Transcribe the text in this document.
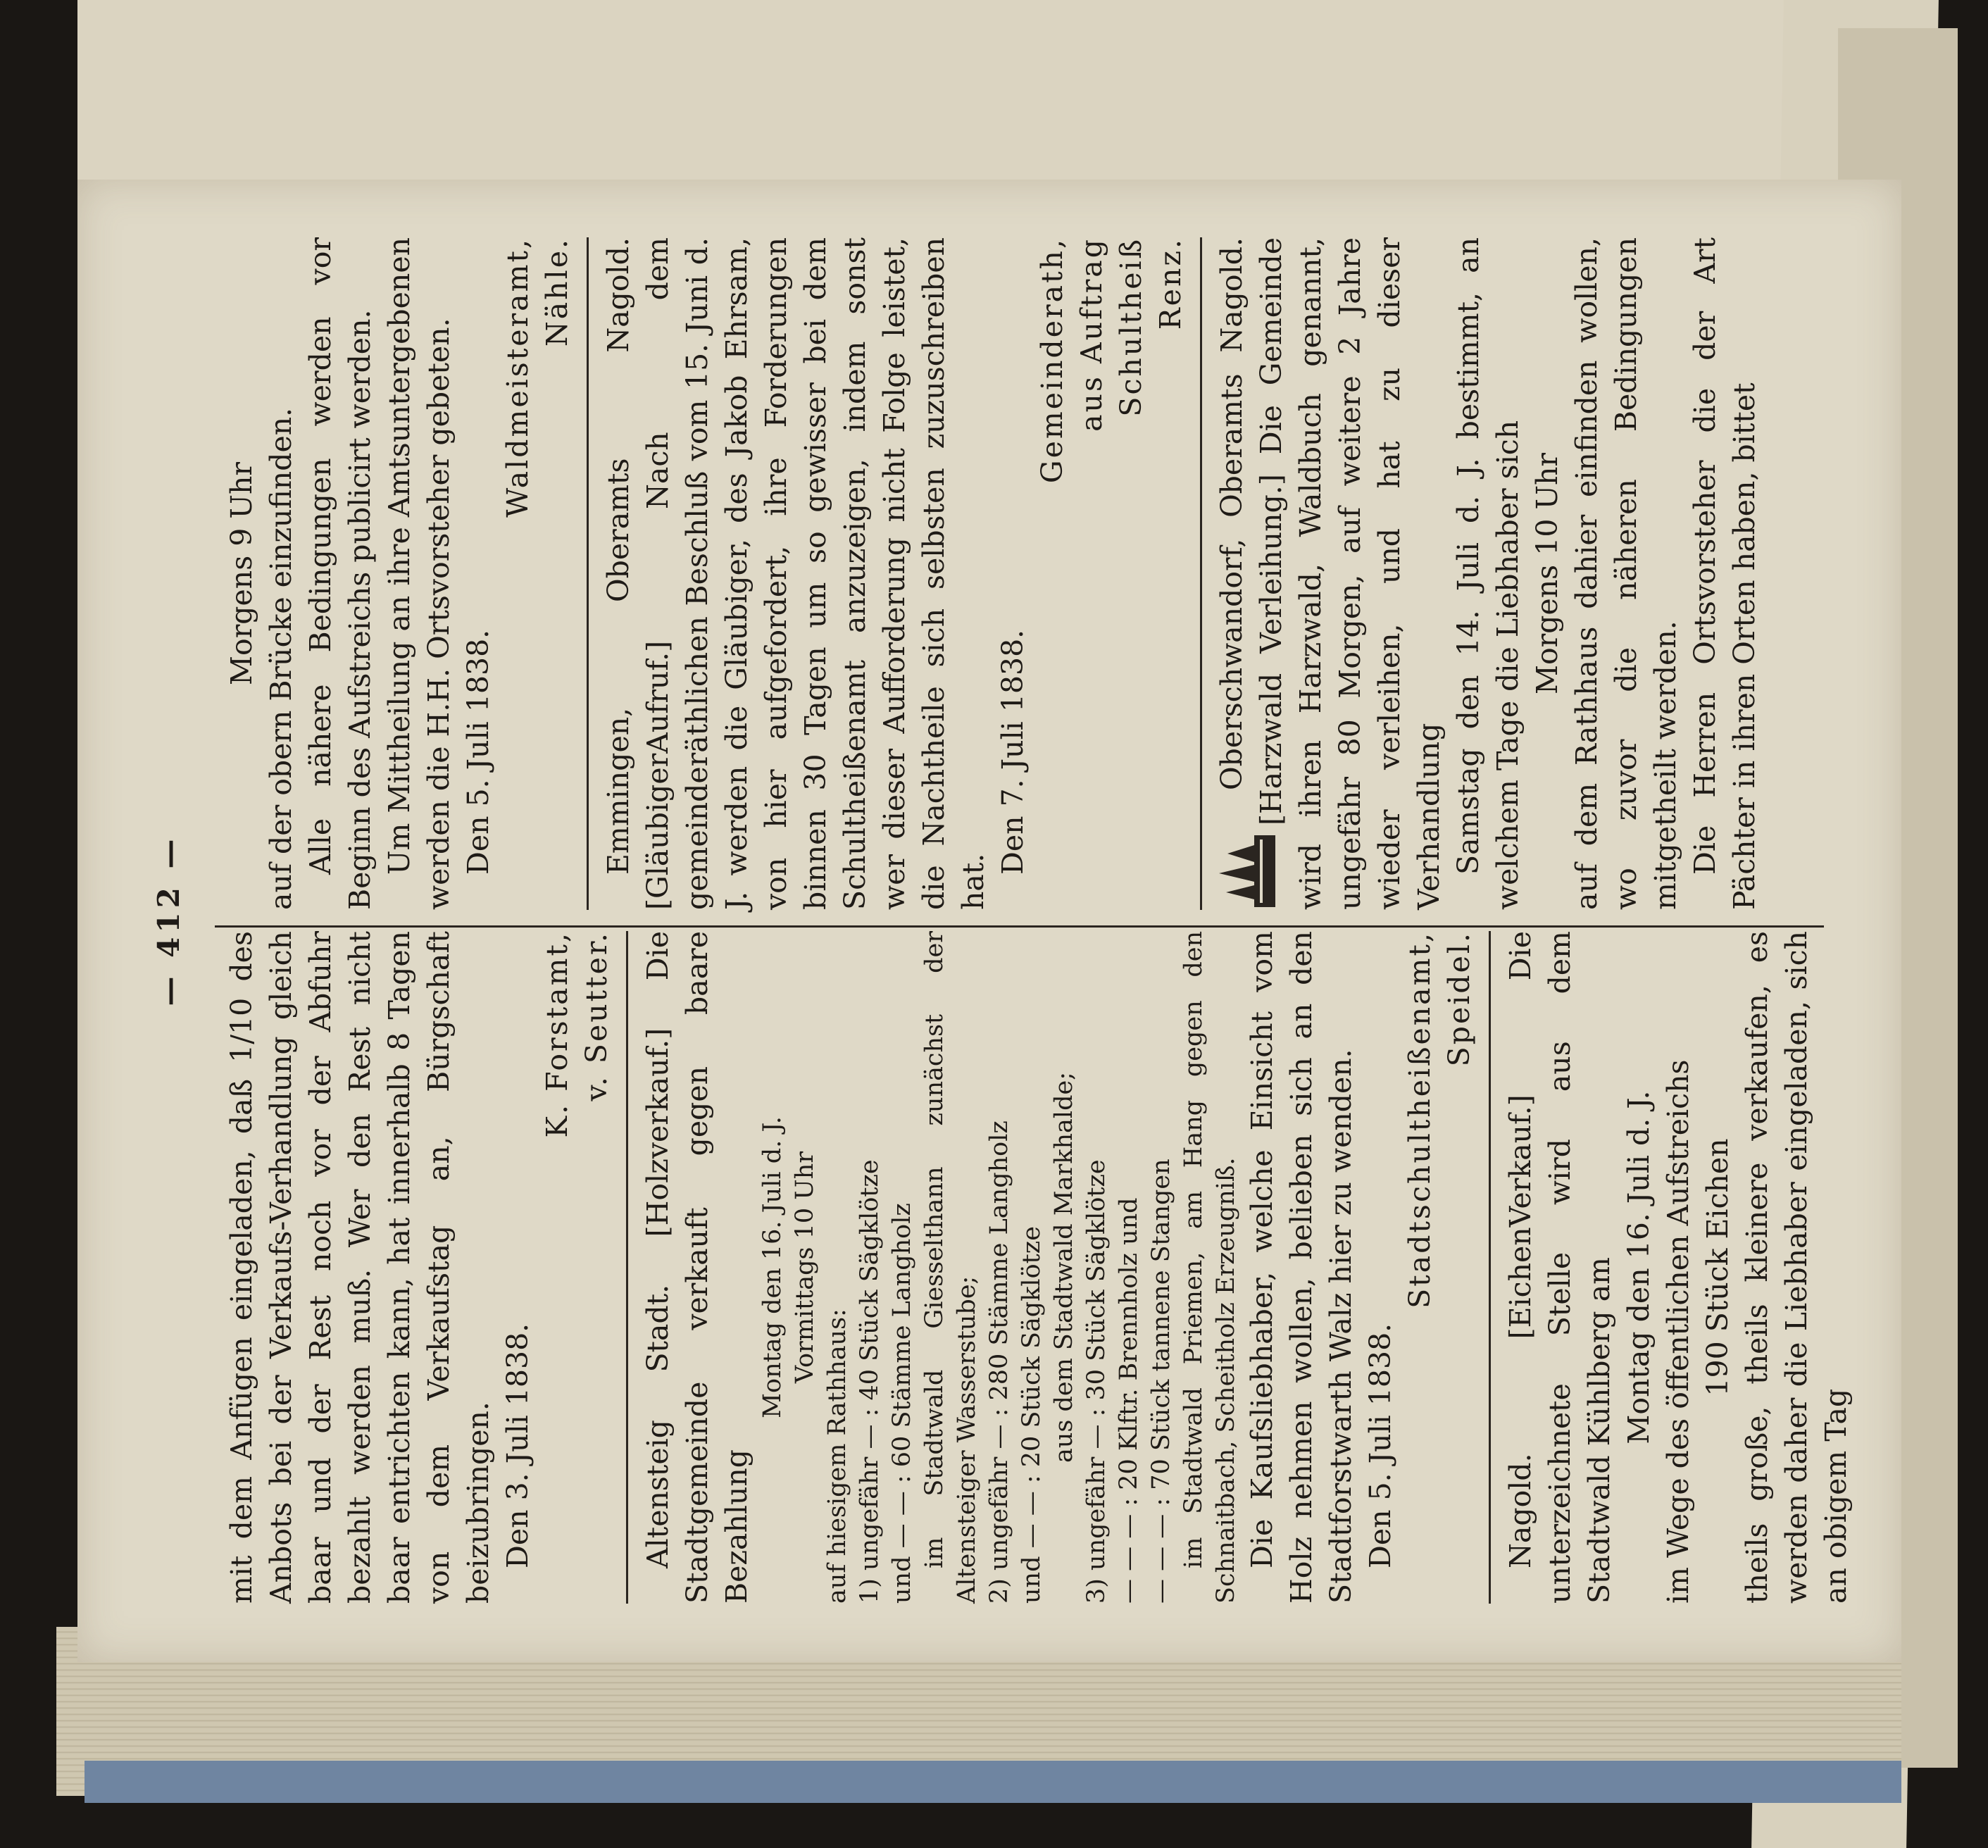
— 412 —

mit dem Anfügen eingeladen, daß 1/10 des Anbots bei der Verkaufs-Verhandlung gleich baar und der Rest noch vor der Abfuhr bezahlt werden muß. Wer den Rest nicht baar entrichten kann, hat innerhalb 8 Tagen von dem Verkaufstag an, Bürgschaft beizubringen. Den 3. Juli 1838.

K. Forstamt, v. Seutter. Altensteig Stadt. [Holzverkauf.] Die Stadtgemeinde verkauft gegen baare Bezahlung

Montag den 16. Juli d. J. Vormittags 10 Uhr

auf hiesigem Rathhaus: 1) ungefähr — : 40 Stück Sägklötze und — — : 60 Stämme Langholz im Stadtwald Giesselthann zunächst der Altensteiger Wasserstube; 2) ungefähr — : 280 Stämme Langholz und — — : 20 Stück Sägklötze aus dem Stadtwald Markhalde; 3) ungefähr — : 30 Stück Sägklötze — — — : 20 Klftr. Brennholz und — — — : 70 Stück tannene Stangen im Stadtwald Priemen, am Hang gegen den Schnaitbach, Scheitholz Erzeugniß. Die Kaufsliebhaber, welche Einsicht vom Holz nehmen wollen, belieben sich an den Stadtforstwarth Walz hier zu wenden. Den 5. Juli 1838.

Stadtschultheißenamt, Speidel. Nagold. [EichenVerkauf.] Die unterzeichnete Stelle wird aus dem Stadtwald Kühlberg am Montag den 16. Juli d. J. im Wege des öffentlichen Aufstreichs 190 Stück Eichen theils große, theils kleinere verkaufen, es werden daher die Liebhaber eingeladen, sich an obigem Tag

Morgens 9 Uhr auf der obern Brücke einzufinden. Alle nähere Bedingungen werden vor Beginn des Aufstreichs publicirt werden. Um Mittheilung an ihre Amtsuntergebenen werden die H.H. Ortsvorsteher gebeten. Den 5. Juli 1838.

Waldmeisteramt, Nähle. Emmingen, Oberamts Nagold. [GläubigerAufruf.] Nach dem gemeinderäthlichen Beschluß vom 15. Juni d. J. werden die Gläubiger, des Jakob Ehrsam, von hier aufgefordert, ihre Forderungen binnen 30 Tagen um so gewisser bei dem Schultheißenamt anzuzeigen, indem sonst wer dieser Aufforderung nicht Folge leistet, die Nachtheile sich selbsten zuzuschreiben hat.

Den 7. Juli 1838.

Gemeinderath, aus Auftrag Schultheiß Renz. Oberschwandorf, Oberamts Nagold. [Harzwald Verleihung.] Die Gemeinde wird ihren Harzwald, Waldbuch genannt, ungefähr 80 Morgen, auf weitere 2 Jahre wieder verleihen, und hat zu dieser Verhandlung Samstag den 14. Juli d. J. bestimmt, an welchem Tage die Liebhaber sich Morgens 10 Uhr auf dem Rathhaus dahier einfinden wollen, wo zuvor die näheren Bedingungen mitgetheilt werden. Die Herren Ortsvorsteher die der Art Pächter in ihren Orten haben, bittet
